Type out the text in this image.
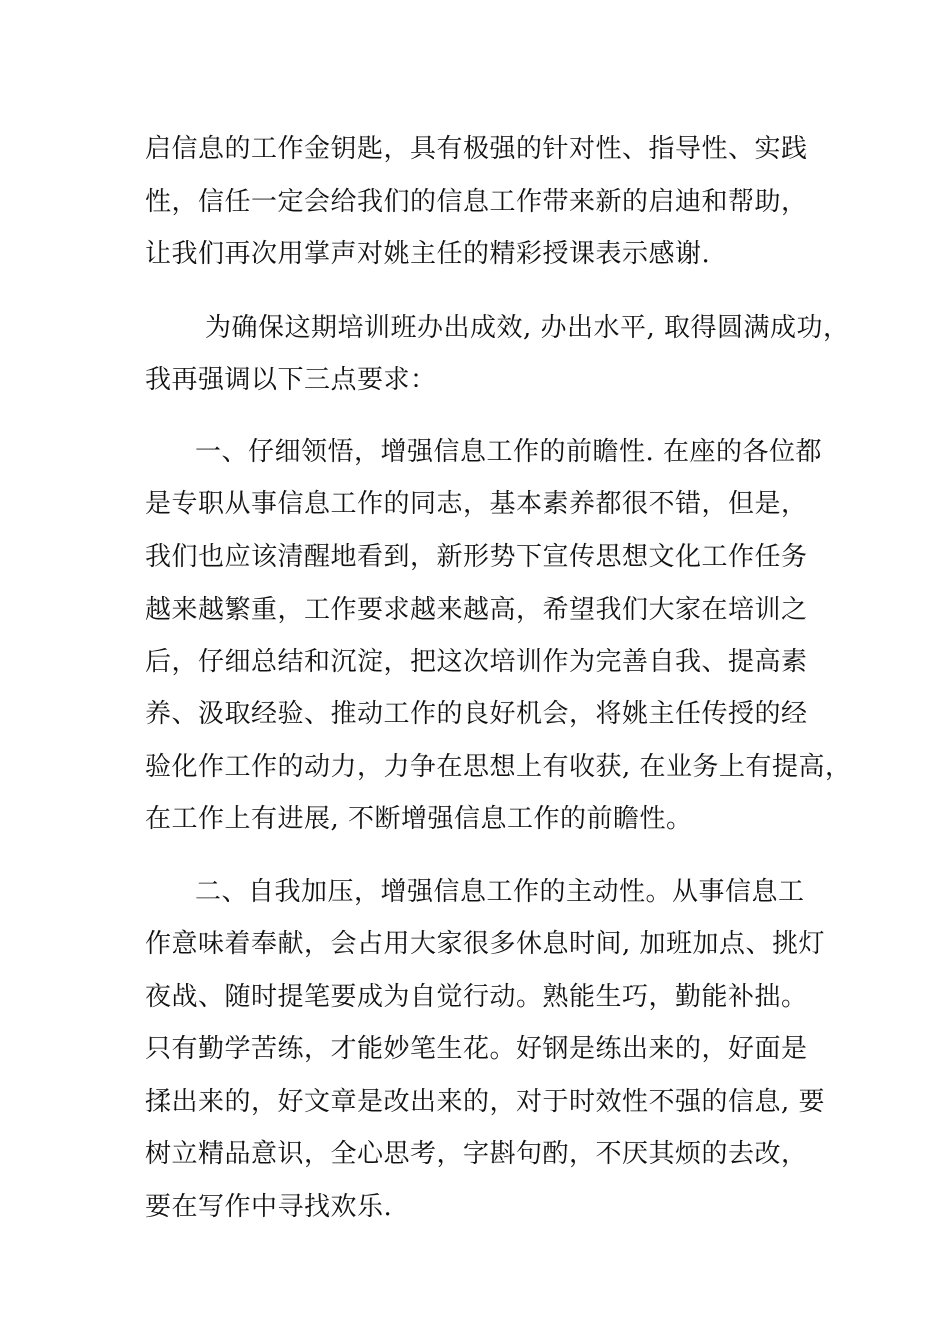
启信息的工作金钥匙，具有极强的针对性、指导性、实践
性，信任一定会给我们的信息工作带来新的启迪和帮助，
让我们再次用掌声对姚主任的精彩授课表示感谢.
为确保这期培训班办出成效, 办出水平, 取得圆满成功，
我再强调以下三点要求：
一、仔细领悟，增强信息工作的前瞻性. 在座的各位都
是专职从事信息工作的同志，基本素养都很不错，但是，
我们也应该清醒地看到，新形势下宣传思想文化工作任务
越来越繁重，工作要求越来越高，希望我们大家在培训之
后，仔细总结和沉淀，把这次培训作为完善自我、提高素
养、汲取经验、推动工作的良好机会，将姚主任传授的经
验化作工作的动力，力争在思想上有收获, 在业务上有提高，
在工作上有进展, 不断增强信息工作的前瞻性。
二、自我加压，增强信息工作的主动性。从事信息工
作意味着奉献，会占用大家很多休息时间, 加班加点、挑灯
夜战、随时提笔要成为自觉行动。熟能生巧，勤能补拙。
只有勤学苦练，才能妙笔生花。好钢是练出来的，好面是
揉出来的，好文章是改出来的，对于时效性不强的信息, 要
树立精品意识，全心思考，字斟句酌，不厌其烦的去改，
要在写作中寻找欢乐.
